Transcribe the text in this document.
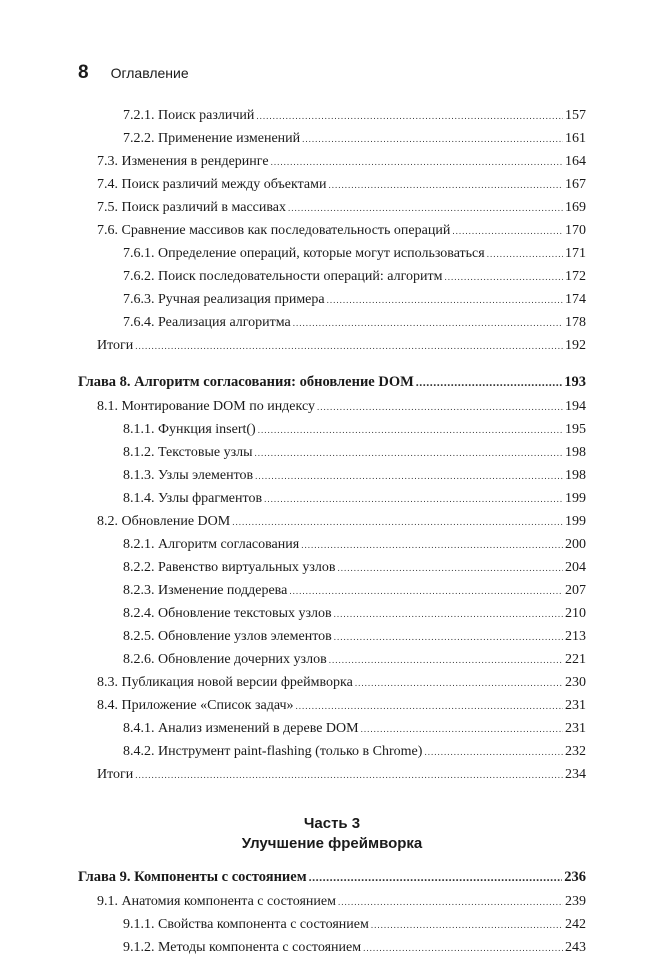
8 Оглавление
7.2.1. Поиск различий .....	157
7.2.2. Применение изменений .....	161
7.3. Изменения в рендеринге .....	164
7.4. Поиск различий между объектами .....	167
7.5. Поиск различий в массивах .....	169
7.6. Сравнение массивов как последовательность операций .....	170
7.6.1. Определение операций, которые могут использоваться .....	171
7.6.2. Поиск последовательности операций: алгоритм .....	172
7.6.3. Ручная реализация примера .....	174
7.6.4. Реализация алгоритма .....	178
Итоги .....	192
Глава 8. Алгоритм согласования: обновление DOM .....	193
8.1. Монтирование DOM по индексу .....	194
8.1.1. Функция insert() .....	195
8.1.2. Текстовые узлы .....	198
8.1.3. Узлы элементов .....	198
8.1.4. Узлы фрагментов .....	199
8.2. Обновление DOM .....	199
8.2.1. Алгоритм согласования .....	200
8.2.2. Равенство виртуальных узлов .....	204
8.2.3. Изменение поддерева .....	207
8.2.4. Обновление текстовых узлов .....	210
8.2.5. Обновление узлов элементов .....	213
8.2.6. Обновление дочерних узлов .....	221
8.3. Публикация новой версии фреймворка .....	230
8.4. Приложение «Список задач» .....	231
8.4.1. Анализ изменений в дереве DOM .....	231
8.4.2. Инструмент paint-flashing (только в Chrome) .....	232
Итоги .....	234
Часть 3
Улучшение фреймворка
Глава 9. Компоненты с состоянием .....	236
9.1. Анатомия компонента с состоянием .....	239
9.1.1. Свойства компонента с состоянием .....	242
9.1.2. Методы компонента с состоянием .....	243
